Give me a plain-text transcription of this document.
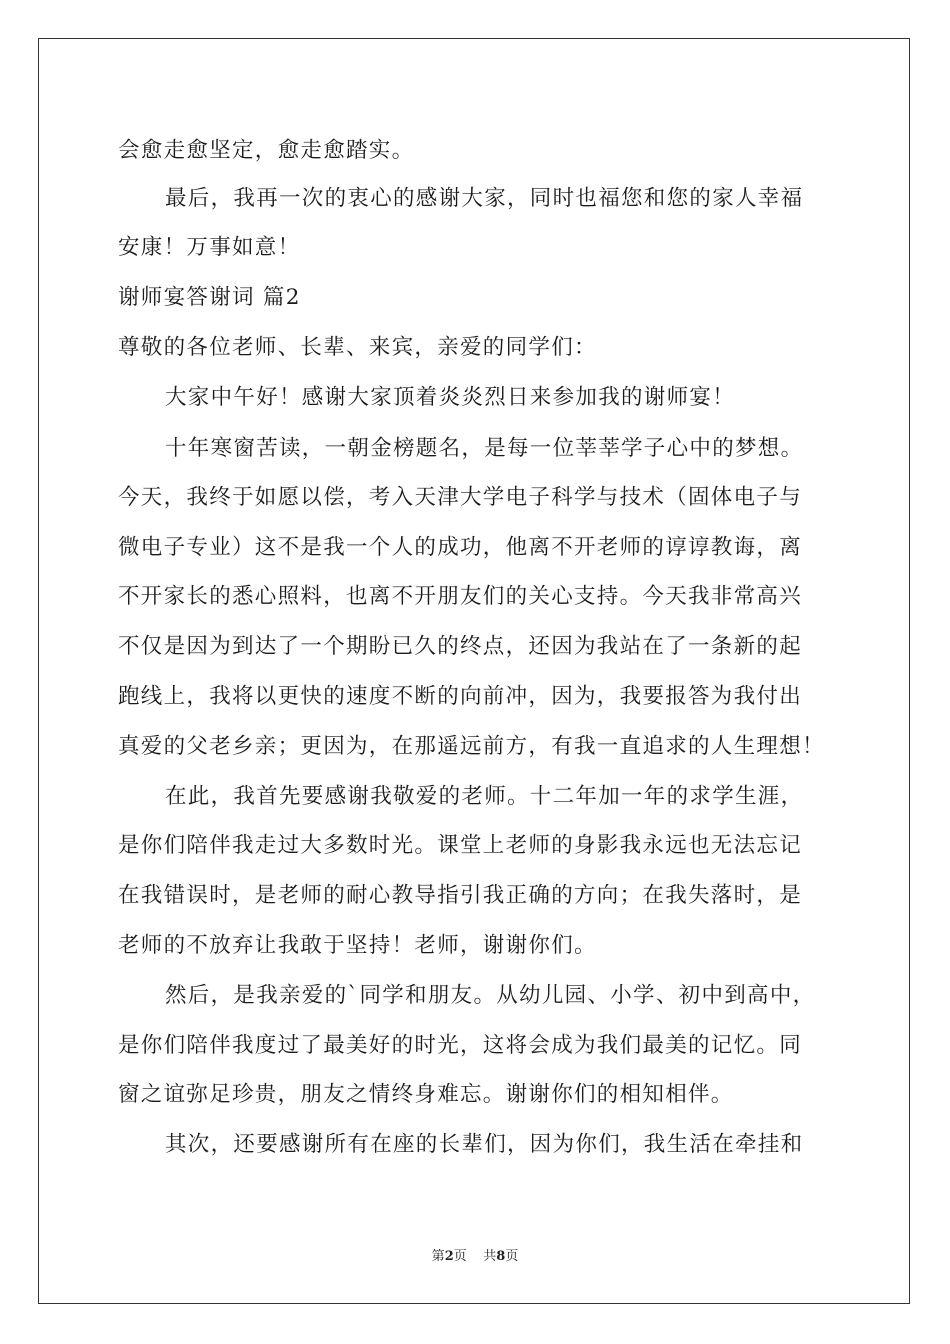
会愈走愈坚定，愈走愈踏实。
最后，我再一次的衷心的感谢大家，同时也福您和您的家人幸福
安康！万事如意！
谢师宴答谢词 篇2
尊敬的各位老师、长辈、来宾，亲爱的同学们：
大家中午好！感谢大家顶着炎炎烈日来参加我的谢师宴！
十年寒窗苦读，一朝金榜题名，是每一位莘莘学子心中的梦想。
今天，我终于如愿以偿，考入天津大学电子科学与技术（固体电子与
微电子专业）这不是我一个人的成功，他离不开老师的谆谆教诲，离
不开家长的悉心照料，也离不开朋友们的关心支持。今天我非常高兴
不仅是因为到达了一个期盼已久的终点，还因为我站在了一条新的起
跑线上，我将以更快的速度不断的向前冲，因为，我要报答为我付出
真爱的父老乡亲；更因为，在那遥远前方，有我一直追求的人生理想！
在此，我首先要感谢我敬爱的老师。十二年加一年的求学生涯，
是你们陪伴我走过大多数时光。课堂上老师的身影我永远也无法忘记
在我错误时，是老师的耐心教导指引我正确的方向；在我失落时，是
老师的不放弃让我敢于坚持！老师，谢谢你们。
然后，是我亲爱的`同学和朋友。从幼儿园、小学、初中到高中，
是你们陪伴我度过了最美好的时光，这将会成为我们最美的记忆。同
窗之谊弥足珍贵，朋友之情终身难忘。谢谢你们的相知相伴。
其次，还要感谢所有在座的长辈们，因为你们，我生活在牵挂和
第2页    共8页
